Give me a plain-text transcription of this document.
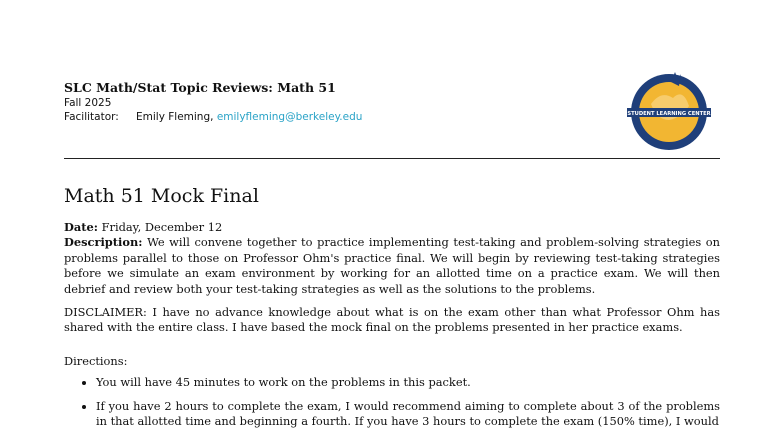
SLC Math/Stat Topic Reviews: Math 51
Fall 2025
Facilitator: Emily Fleming, emilyfleming@berkeley.edu	STUDENT LEARNING CENTER
Math 51 Mock Final

Date: Friday, December 12

Description: We will convene together to practice implementing test-taking and problem-solving strategies on problems parallel to those on Professor Ohm's practice final. We will begin by reviewing test-taking strategies before we simulate an exam environment by working for an allotted time on a practice exam. We will then debrief and review both your test-taking strategies as well as the solutions to the problems.

DISCLAIMER: I have no advance knowledge about what is on the exam other than what Professor Ohm has shared with the entire class. I have based the mock final on the problems presented in her practice exams.

Directions:

• You will have 45 minutes to work on the problems in this packet.
• If you have 2 hours to complete the exam, I would recommend aiming to complete about 3 of the problems in that allotted time and beginning a fourth. If you have 3 hours to complete the exam (150% time), I would
